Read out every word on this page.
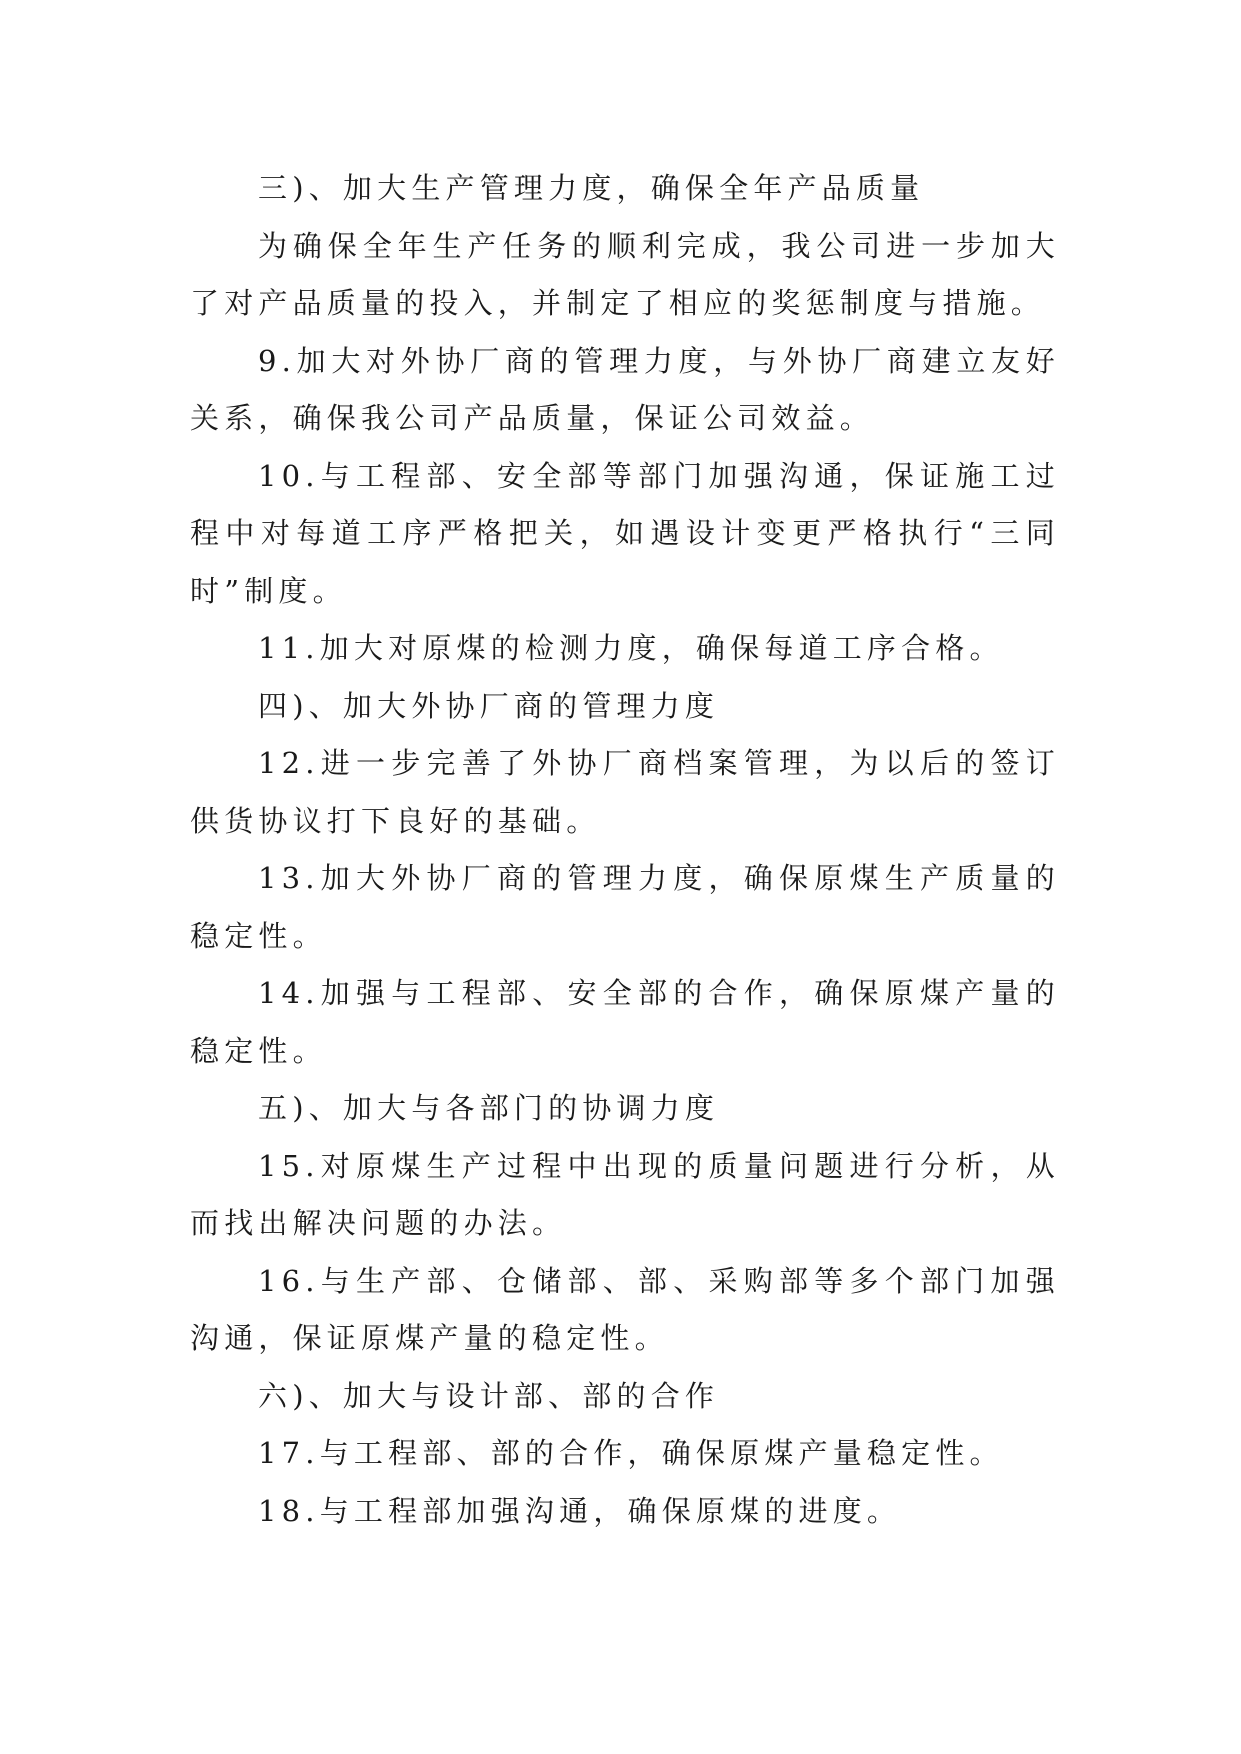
三)、加大生产管理力度，确保全年产品质量

为确保全年生产任务的顺利完成，我公司进一步加大了对产品质量的投入，并制定了相应的奖惩制度与措施。

9.加大对外协厂商的管理力度，与外协厂商建立友好关系，确保我公司产品质量，保证公司效益。

10.与工程部、安全部等部门加强沟通，保证施工过程中对每道工序严格把关，如遇设计变更严格执行“三同时”制度。

11.加大对原煤的检测力度，确保每道工序合格。

四)、加大外协厂商的管理力度

12.进一步完善了外协厂商档案管理，为以后的签订供货协议打下良好的基础。

13.加大外协厂商的管理力度，确保原煤生产质量的稳定性。

14.加强与工程部、安全部的合作，确保原煤产量的稳定性。

五)、加大与各部门的协调力度

15.对原煤生产过程中出现的质量问题进行分析，从而找出解决问题的办法。

16.与生产部、仓储部、部、采购部等多个部门加强沟通，保证原煤产量的稳定性。

六)、加大与设计部、部的合作

17.与工程部、部的合作，确保原煤产量稳定性。

18.与工程部加强沟通，确保原煤的进度。
